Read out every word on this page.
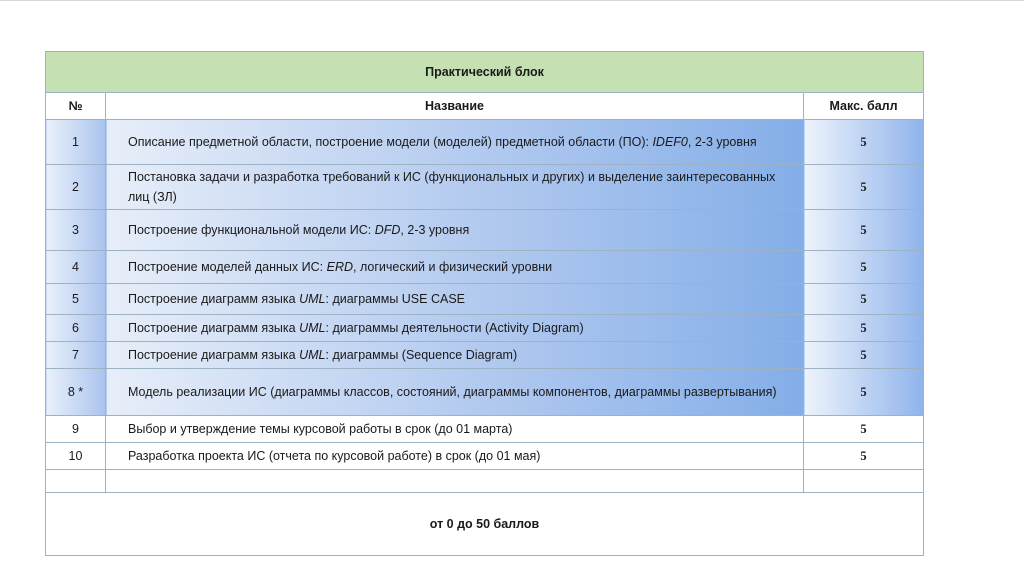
Практический блок		
№	Название	Макс. балл
1	Описание предметной области, построение модели (моделей) предметной области (ПО): IDEF0, 2-3 уровня	5
2	Постановка задачи и разработка требований к ИС (функциональных и других) и выделение заинтересованных лиц (ЗЛ)	5
3	Построение функциональной модели ИС: DFD, 2-3 уровня	5
4	Построение моделей данных ИС: ERD, логический и физический уровни	5
5	Построение диаграмм языка UML: диаграммы USE CASE	5
6	Построение диаграмм языка UML: диаграммы деятельности (Activity Diagram)	5
7	Построение диаграмм языка UML: диаграммы (Sequence Diagram)	5
8 *	Модель реализации ИС (диаграммы классов, состояний, диаграммы компонентов, диаграммы развертывания)	5
9	Выбор и утверждение темы курсовой работы в срок (до 01 марта)	5
10	Разработка проекта ИС (отчета по курсовой работе) в срок (до 01 мая)	5

от 0 до 50 баллов		
